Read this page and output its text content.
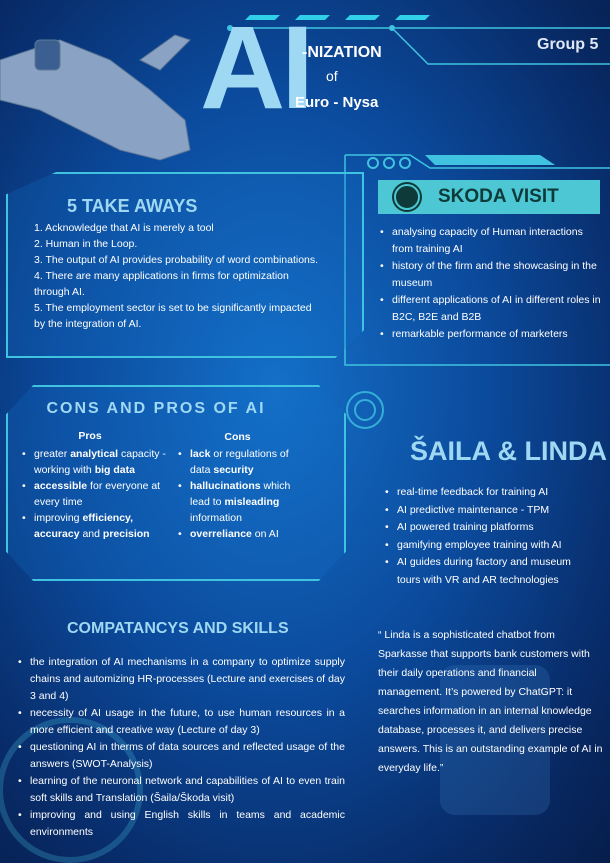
AI
-NIZATION
of
Euro - Nysa
Group 5
5 TAKE AWAYS
1. Acknowledge that AI is merely a tool
2. Human in the Loop.
3. The output of AI provides probability of word combinations.
4. There are many applications in firms for optimization through AI.
5. The employment sector is set to be significantly impacted by the integration of AI.
SKODA VISIT
• analysing capacity of Human interactions from training AI
• history of the firm and the showcasing in the museum
• different applications of AI in different roles in B2C, B2E and B2B
• remarkable performance of marketers
CONS AND PROS OF AI
Pros	Cons
• greater analytical capacity - working with big data
• accessible for everyone at every time
• improving efficiency, accuracy and precision
• lack or regulations of data security
• hallucinations which lead to misleading information
• overreliance on AI
ŠAILA & LINDA
• real-time feedback for training AI
• AI predictive maintenance - TPM
• AI powered training platforms
• gamifying employee training with AI
• AI guides during factory and museum tours with VR and AR technologies
COMPATANCYS AND SKILLS
• the integration of AI mechanisms in a company to optimize supply chains and automizing HR-processes (Lecture and exercises of day 3 and 4)
• necessity of AI usage in the future, to use human resources in a more efficient and creative way (Lecture of day 3)
• questioning AI in therms of data sources and reflected usage of the answers (SWOT-Analysis)
• learning of the neuronal network and capabilities of AI to even train soft skills and Translation (Šaila/Škoda visit)
• improving and using English skills in teams and academic environments
“ Linda is a sophisticated chatbot from Sparkasse that supports bank customers with their daily operations and financial management. It’s powered by ChatGPT: it searches information in an internal knowledge database, processes it, and delivers precise answers. This is an outstanding example of AI in everyday life.”
